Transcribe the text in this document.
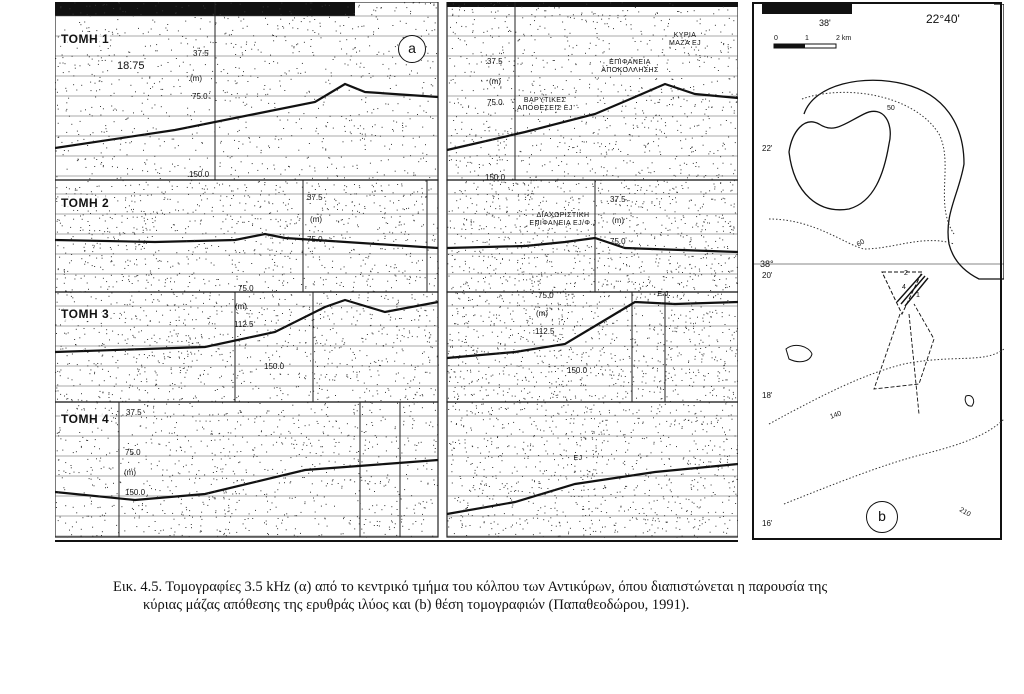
ΤΟΜΗ 1
18.75
37.5
(m)
75.0
150.0
a
37.5
(m)
75.0
150.0
ΚΥΡΙΑ ΜΑΖΑ ΕJ
ΕΠΙΦΑΝΕΙΑ ΑΠΟΚΟΛΛΗΣΗΣ
ΒΑΡΥΤΙΚΕΣ ΑΠΟΘΕΣΕΙΣ EJ
ΤΟΜΗ 2	37.5
(m)
75.0
37.5
(m)
75.0
ΔΙΑΧΩΡΙΣΤΙΚΗ ΕΠΙΦΑΝΕΙΑ ΕJ/Φ.J
ΤΟΜΗ 3
75.0
(m)
112.5
150.0
75.0
(m)
112.5
150.0
E.J
ΤΟΜΗ 4 37.5
75.0
(m)
150.0
EJ
38'	22°40'
0	1	2 km
22'
38°
20'
18'
16'
50
60
140
210
2
4
1
b
Εικ. 4.5. Τομογραφίες 3.5 kHz (α) από το κεντρικό τμήμα του κόλπου των Αντικύρων, όπου διαπιστώνεται η παρουσία της
κύριας μάζας απόθεσης της ερυθράς ιλύος και (b) θέση τομογραφιών (Παπαθεοδώρου, 1991).
